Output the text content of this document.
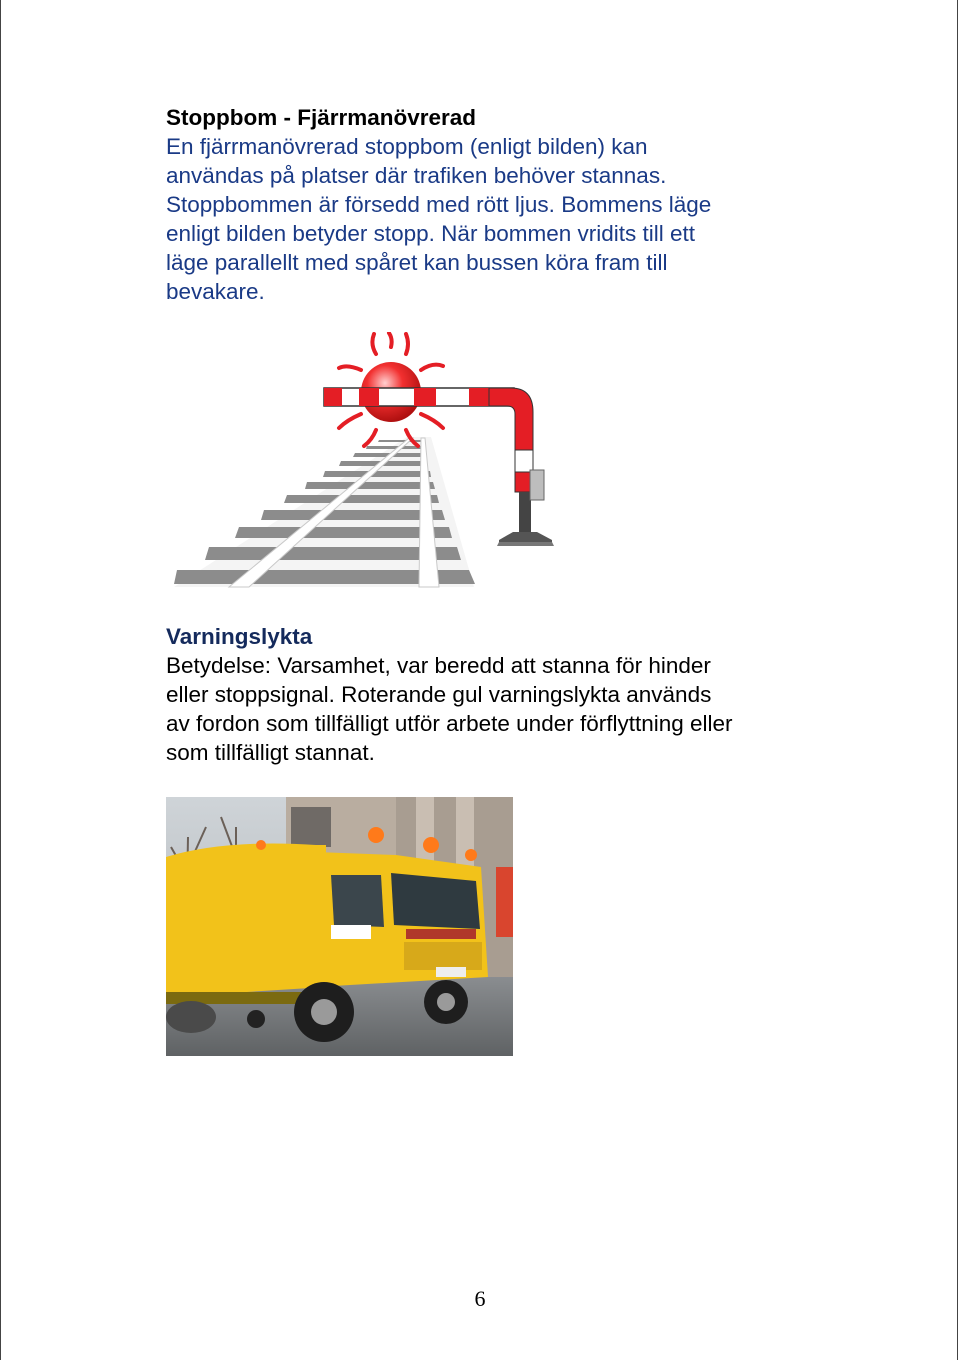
Stoppbom - Fjärrmanövrerad

En fjärrmanövrerad stoppbom (enligt bilden) kan

användas på platser där trafiken behöver stannas.

Stoppbommen är försedd med rött ljus. Bommens läge

enligt bilden betyder stopp. När bommen vridits till ett

läge parallellt med spåret kan bussen köra fram till

bevakare.

Varningslykta

Betydelse: Varsamhet, var beredd att stanna för hinder

eller stoppsignal. Roterande gul varningslykta används

av fordon som tillfälligt utför arbete under förflyttning eller

som tillfälligt stannat.

6
